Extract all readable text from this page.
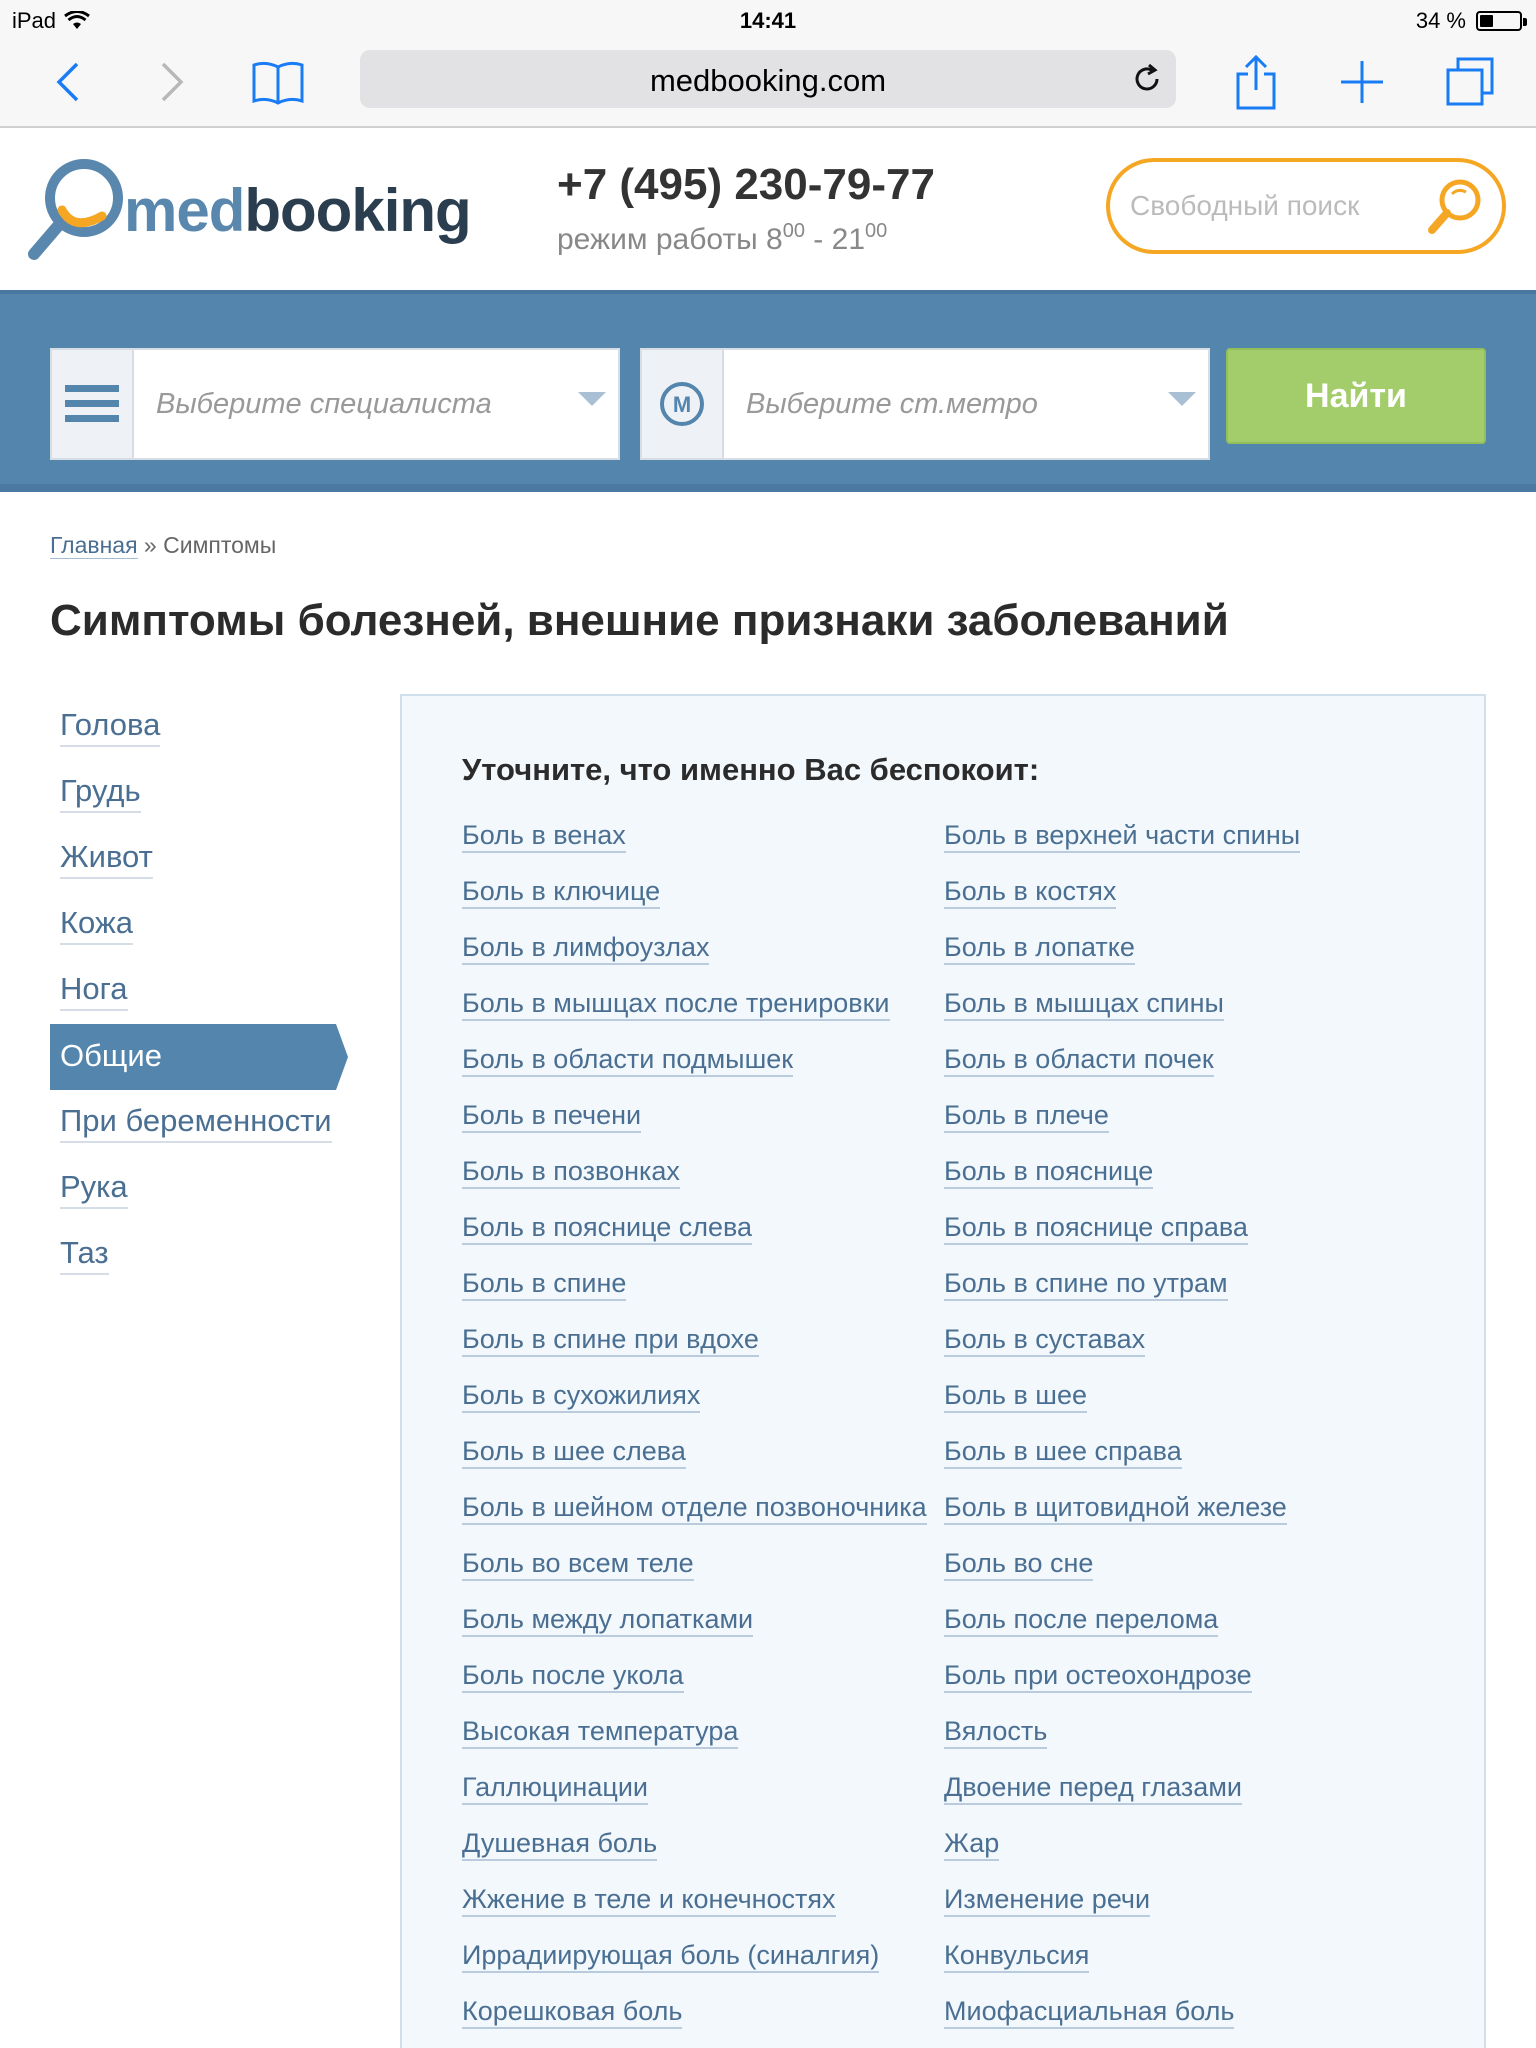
iPad	14:41	34 %
medbooking.com
medbooking +7 (495) 230-79-77
режим работы $8^{00} - 21^{00}$
Свободный поиск
Выберите специалиста	М Выберите ст.метро	Найти
Главная » Симптомы
Симптомы болезней, внешние признаки заболеваний
Голова
Грудь
Живот
Кожа
Нога
Общие
При беременности
Рука
Таз
Уточните, что именно Вас беспокоит:
Боль в венах	Боль в верхней части спины
Боль в ключице	Боль в костях
Боль в лимфоузлах	Боль в лопатке
Боль в мышцах после тренировки	Боль в мышцах спины
Боль в области подмышек	Боль в области почек
Боль в печени	Боль в плече
Боль в позвонках	Боль в пояснице
Боль в пояснице слева	Боль в пояснице справа
Боль в спине	Боль в спине по утрам
Боль в спине при вдохе	Боль в суставах
Боль в сухожилиях	Боль в шее
Боль в шее слева	Боль в шее справа
Боль в шейном отделе позвоночника Боль в щитовидной железе
Боль во всем теле	Боль во сне
Боль между лопатками	Боль после перелома
Боль после укола	Боль при остеохондрозе
Высокая температура	Вялость
Галлюцинации	Двоение перед глазами
Душевная боль	Жар
Жжение в теле и конечностях	Изменение речи
Иррадиирующая боль (синалгия)	Конвульсия
Корешковая боль	Миофасциальная боль
